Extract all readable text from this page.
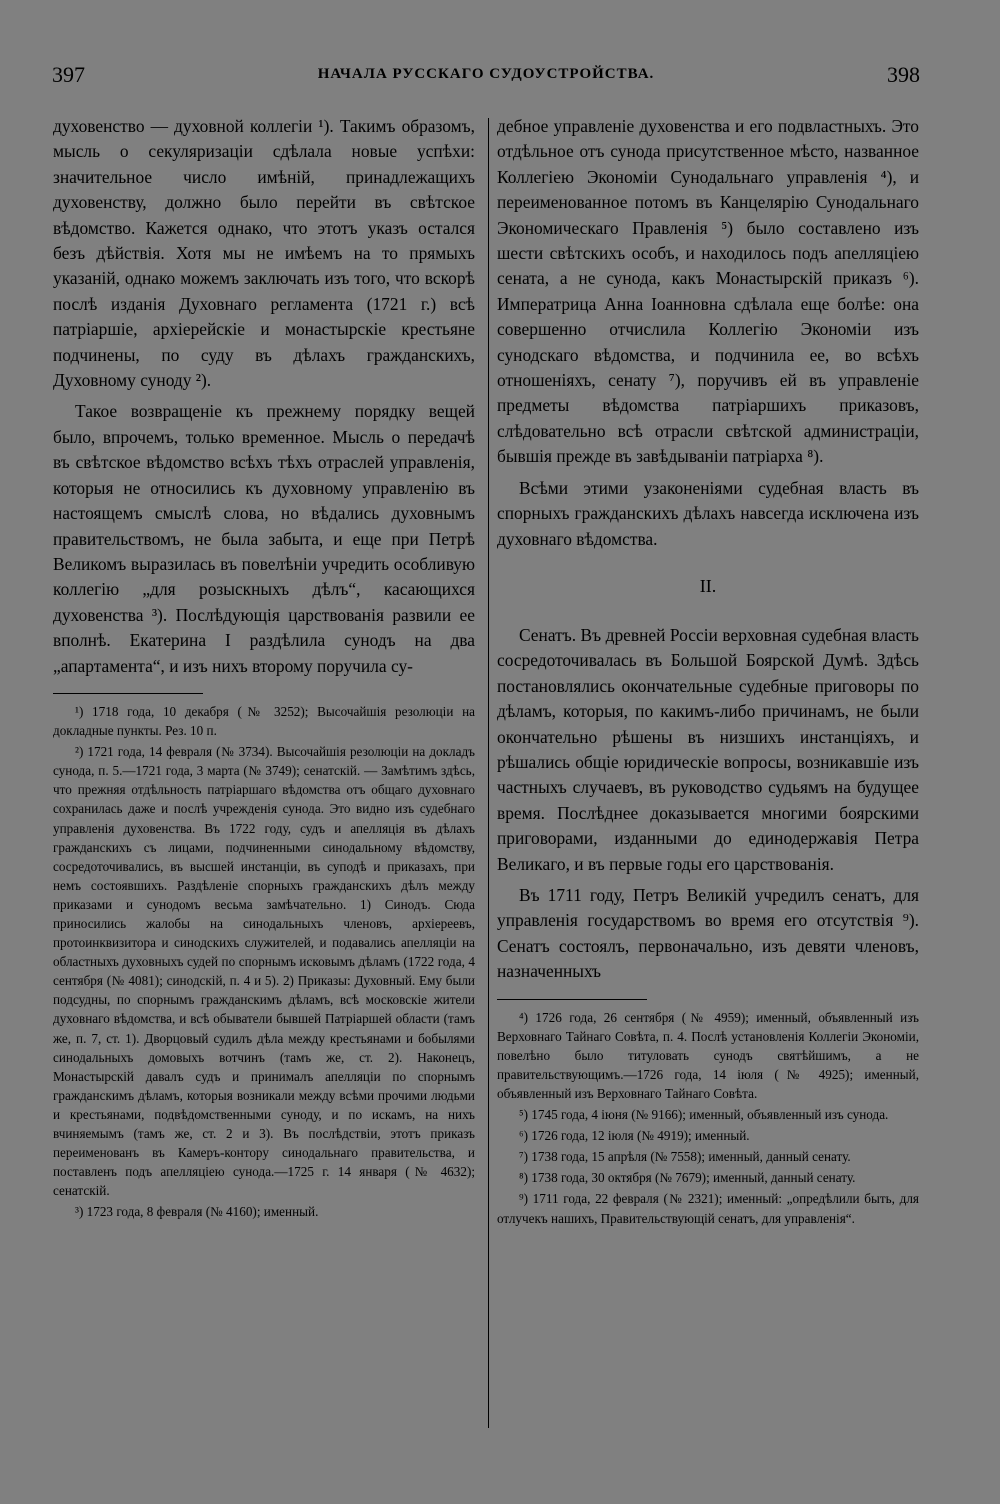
397	НАЧАЛА РУССКАГО СУДОУСТРОЙСТВА.	398

духовенство — духовной коллегіи ¹). Такимъ образомъ, мысль о секуляризаціи сдѣлала новые успѣхи: значительное число имѣній, принадлежащихъ духовенству, должно было перейти въ свѣтское вѣдомство. Кажется однако, что этотъ указъ остался безъ дѣйствія. Хотя мы не имѣемъ на то прямыхъ указаній, однако можемъ заключать изъ того, что вскорѣ послѣ изданія Духовнаго регламента (1721 г.) всѣ патріаршіе, архіерейскіе и монастырскіе крестьяне подчинены, по суду въ дѣлахъ гражданскихъ, Духовному суноду ²).

Такое возвращеніе къ прежнему порядку вещей было, впрочемъ, только временное. Мысль о передачѣ въ свѣтское вѣдомство всѣхъ тѣхъ отраслей управленія, которыя не относились къ духовному управленію въ настоящемъ смыслѣ слова, но вѣдались духовнымъ правительствомъ, не была забыта, и еще при Петрѣ Великомъ выразилась въ повелѣніи учредить особливую коллегію „для розыскныхъ дѣлъ“, касающихся духовенства ³). Послѣдующія царствованія развили ее вполнѣ. Екатерина I раздѣлила сунодъ на два „апартамента“, и изъ нихъ второму поручила су-

¹) 1718 года, 10 декабря (№ 3252); Высочайшія резолюціи на докладные пункты. Рез. 10 п.

²) 1721 года, 14 февраля (№ 3734). Высочайшія резолюціи на докладъ сунода, п. 5.—1721 года, 3 марта (№ 3749); сенатскій. — Замѣтимъ здѣсь, что прежняя отдѣльность патріаршаго вѣдомства отъ общаго духовнаго сохранилась даже и послѣ учрежденія сунода. Это видно изъ судебнаго управленія духовенства. Въ 1722 году, судъ и апелляція въ дѣлахъ гражданскихъ съ лицами, подчиненными синодальному вѣдомству, сосредоточивались, въ высшей инстанціи, въ суподѣ и приказахъ, при немъ состоявшихъ. Раздѣленіе спорныхъ гражданскихъ дѣлъ между приказами и сунодомъ весьма замѣчательно. 1) Синодъ. Сюда приносились жалобы на синодальныхъ членовъ, архіереевъ, протоинквизитора и синодскихъ служителей, и подавались апелляціи на областныхъ духовныхъ судей по спорнымъ исковымъ дѣламъ (1722 года, 4 сентября (№ 4081); синодскій, п. 4 и 5). 2) Приказы: Духовный. Ему были подсудны, по спорнымъ гражданскимъ дѣламъ, всѣ московскіе жители духовнаго вѣдомства, и всѣ обыватели бывшей Патріаршей области (тамъ же, п. 7, ст. 1). Дворцовый судилъ дѣла между крестьянами и бобылями синодальныхъ домовыхъ вотчинъ (тамъ же, ст. 2). Наконецъ, Монастырскій давалъ судъ и принималъ апелляціи по спорнымъ гражданскимъ дѣламъ, которыя возникали между всѣми прочими людьми и крестьянами, подвѣдомственными суноду, и по искамъ, на нихъ вчиняемымъ (тамъ же, ст. 2 и 3). Въ послѣдствіи, этотъ приказъ переименованъ въ Камеръ-контору синодальнаго правительства, и поставленъ подъ апелляціею сунода.—1725 г. 14 января (№ 4632); сенатскій.

³) 1723 года, 8 февраля (№ 4160); именный.

дебное управленіе духовенства и его подвластныхъ. Это отдѣльное отъ сунода присутственное мѣсто, названное Коллегіею Экономіи Сунодальнаго управленія ⁴), и переименованное потомъ въ Канцелярію Сунодальнаго Экономическаго Правленія ⁵) было составлено изъ шести свѣтскихъ особъ, и находилось подъ апелляціею сената, а не сунода, какъ Монастырскій приказъ ⁶). Императрица Анна Іоанновна сдѣлала еще болѣе: она совершенно отчислила Коллегію Экономіи изъ сунодскаго вѣдомства, и подчинила ее, во всѣхъ отношеніяхъ, сенату ⁷), поручивъ ей въ управленіе предметы вѣдомства патріаршихъ приказовъ, слѣдовательно всѣ отрасли свѣтской администраціи, бывшія прежде въ завѣдываніи патріарха ⁸).

Всѣми этими узаконеніями судебная власть въ спорныхъ гражданскихъ дѣлахъ навсегда исключена изъ духовнаго вѣдомства.

II.

Сенатъ. Въ древней Россіи верховная судебная власть сосредоточивалась въ Большой Боярской Думѣ. Здѣсь постановлялись окончательные судебные приговоры по дѣламъ, которыя, по какимъ-либо причинамъ, не были окончательно рѣшены въ низшихъ инстанціяхъ, и рѣшались общіе юридическіе вопросы, возникавшіе изъ частныхъ случаевъ, въ руководство судьямъ на будущее время. Послѣднее доказывается многими боярскими приговорами, изданными до единодержавія Петра Великаго, и въ первые годы его царствованія.

Въ 1711 году, Петръ Великій учредилъ сенатъ, для управленія государствомъ во время его отсутствія ⁹). Сенатъ состоялъ, первоначально, изъ девяти членовъ, назначенныхъ

⁴) 1726 года, 26 сентября (№ 4959); именный, объявленный изъ Верховнаго Тайнаго Совѣта, п. 4. Послѣ установленія Коллегіи Экономіи, повелѣно было титуловать сунодъ святѣйшимъ, а не правительствующимъ.—1726 года, 14 іюля (№ 4925); именный, объявленный изъ Верховнаго Тайнаго Совѣта.

⁵) 1745 года, 4 іюня (№ 9166); именный, объявленный изъ сунода.

⁶) 1726 года, 12 іюля (№ 4919); именный.

⁷) 1738 года, 15 апрѣля (№ 7558); именный, данный сенату.

⁸) 1738 года, 30 октября (№ 7679); именный, данный сенату.

⁹) 1711 года, 22 февраля (№ 2321); именный: „опредѣлили быть, для отлучекъ нашихъ, Правительствующій сенатъ, для управленія“.
